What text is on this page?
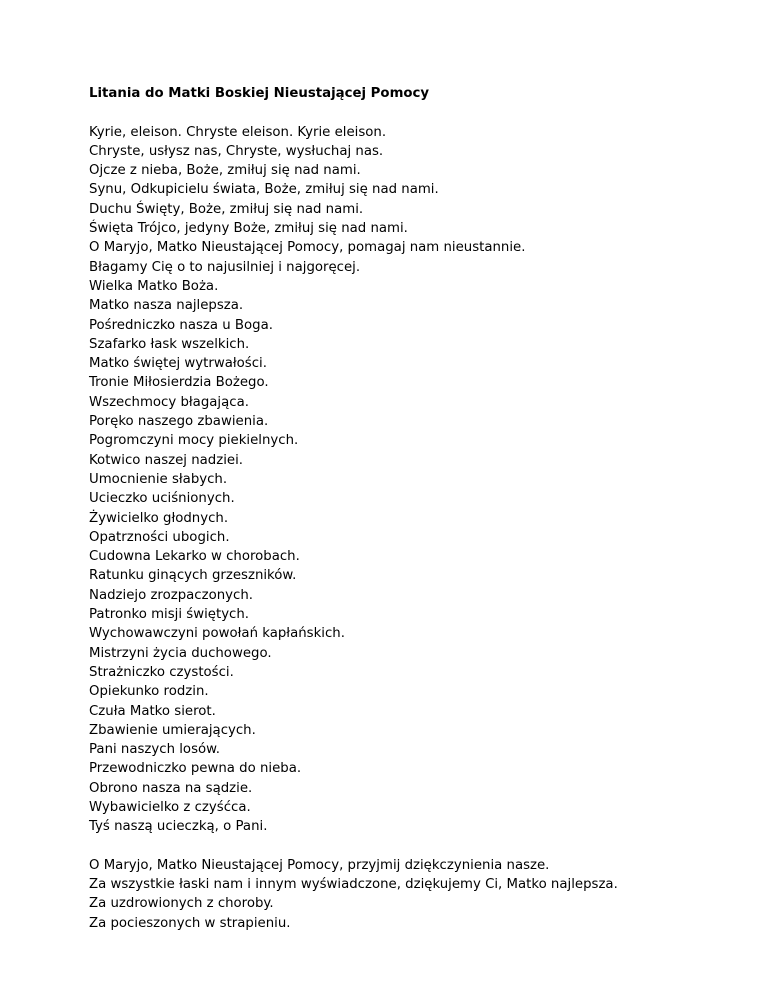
Litania do Matki Boskiej Nieustającej Pomocy

Kyrie, eleison. Chryste eleison. Kyrie eleison.

Chryste, usłysz nas, Chryste, wysłuchaj nas.

Ojcze z nieba, Boże, zmiłuj się nad nami.

Synu, Odkupicielu świata, Boże, zmiłuj się nad nami.

Duchu Święty, Boże, zmiłuj się nad nami.

Święta Trójco, jedyny Boże, zmiłuj się nad nami.

O Maryjo, Matko Nieustającej Pomocy, pomagaj nam nieustannie.

Błagamy Cię o to najusilniej i najgoręcej.

Wielka Matko Boża.

Matko nasza najlepsza.

Pośredniczko nasza u Boga.

Szafarko łask wszelkich.

Matko świętej wytrwałości.

Tronie Miłosierdzia Bożego.

Wszechmocy błagająca.

Poręko naszego zbawienia.

Pogromczyni mocy piekielnych.

Kotwico naszej nadziei.

Umocnienie słabych.

Ucieczko uciśnionych.

Żywicielko głodnych.

Opatrzności ubogich.

Cudowna Lekarko w chorobach.

Ratunku ginących grzeszników.

Nadziejo zrozpaczonych.

Patronko misji świętych.

Wychowawczyni powołań kapłańskich.

Mistrzyni życia duchowego.

Strażniczko czystości.

Opiekunko rodzin.

Czuła Matko sierot.

Zbawienie umierających.

Pani naszych losów.

Przewodniczko pewna do nieba.

Obrono nasza na sądzie.

Wybawicielko z czyśćca.

Tyś naszą ucieczką, o Pani.

O Maryjo, Matko Nieustającej Pomocy, przyjmij dziękczynienia nasze.

Za wszystkie łaski nam i innym wyświadczone, dziękujemy Ci, Matko najlepsza.

Za uzdrowionych z choroby.

Za pocieszonych w strapieniu.
